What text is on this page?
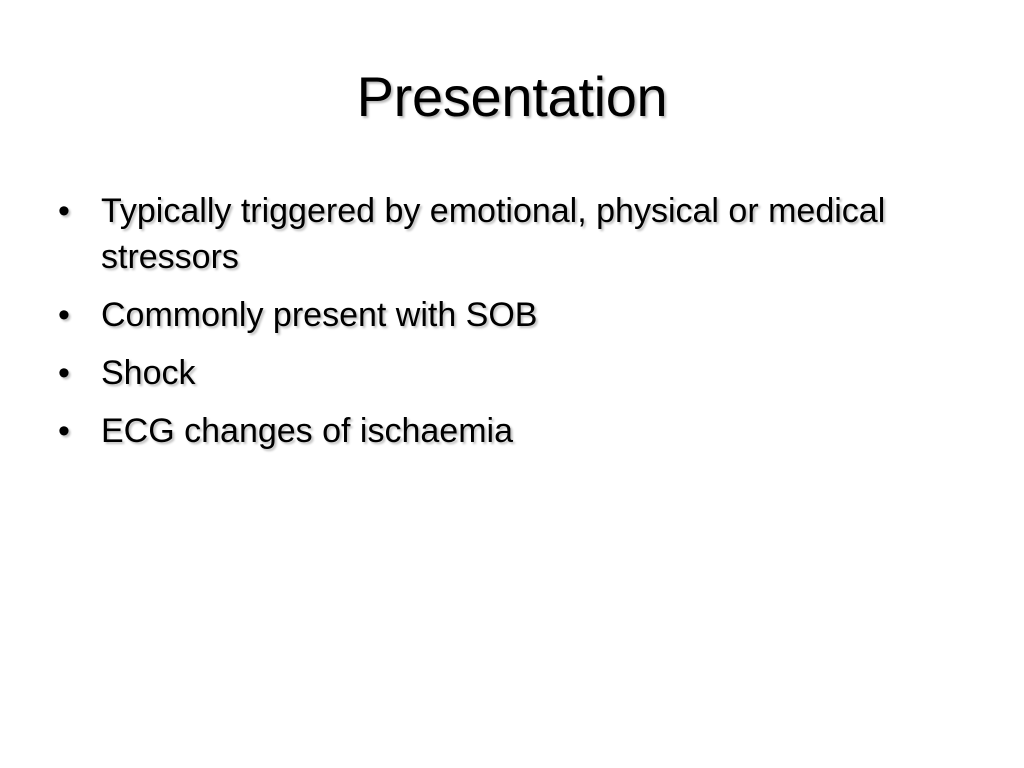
Presentation
• Typically triggered by emotional, physical or medical stressors
• Commonly present with SOB
• Shock
• ECG changes of ischaemia
